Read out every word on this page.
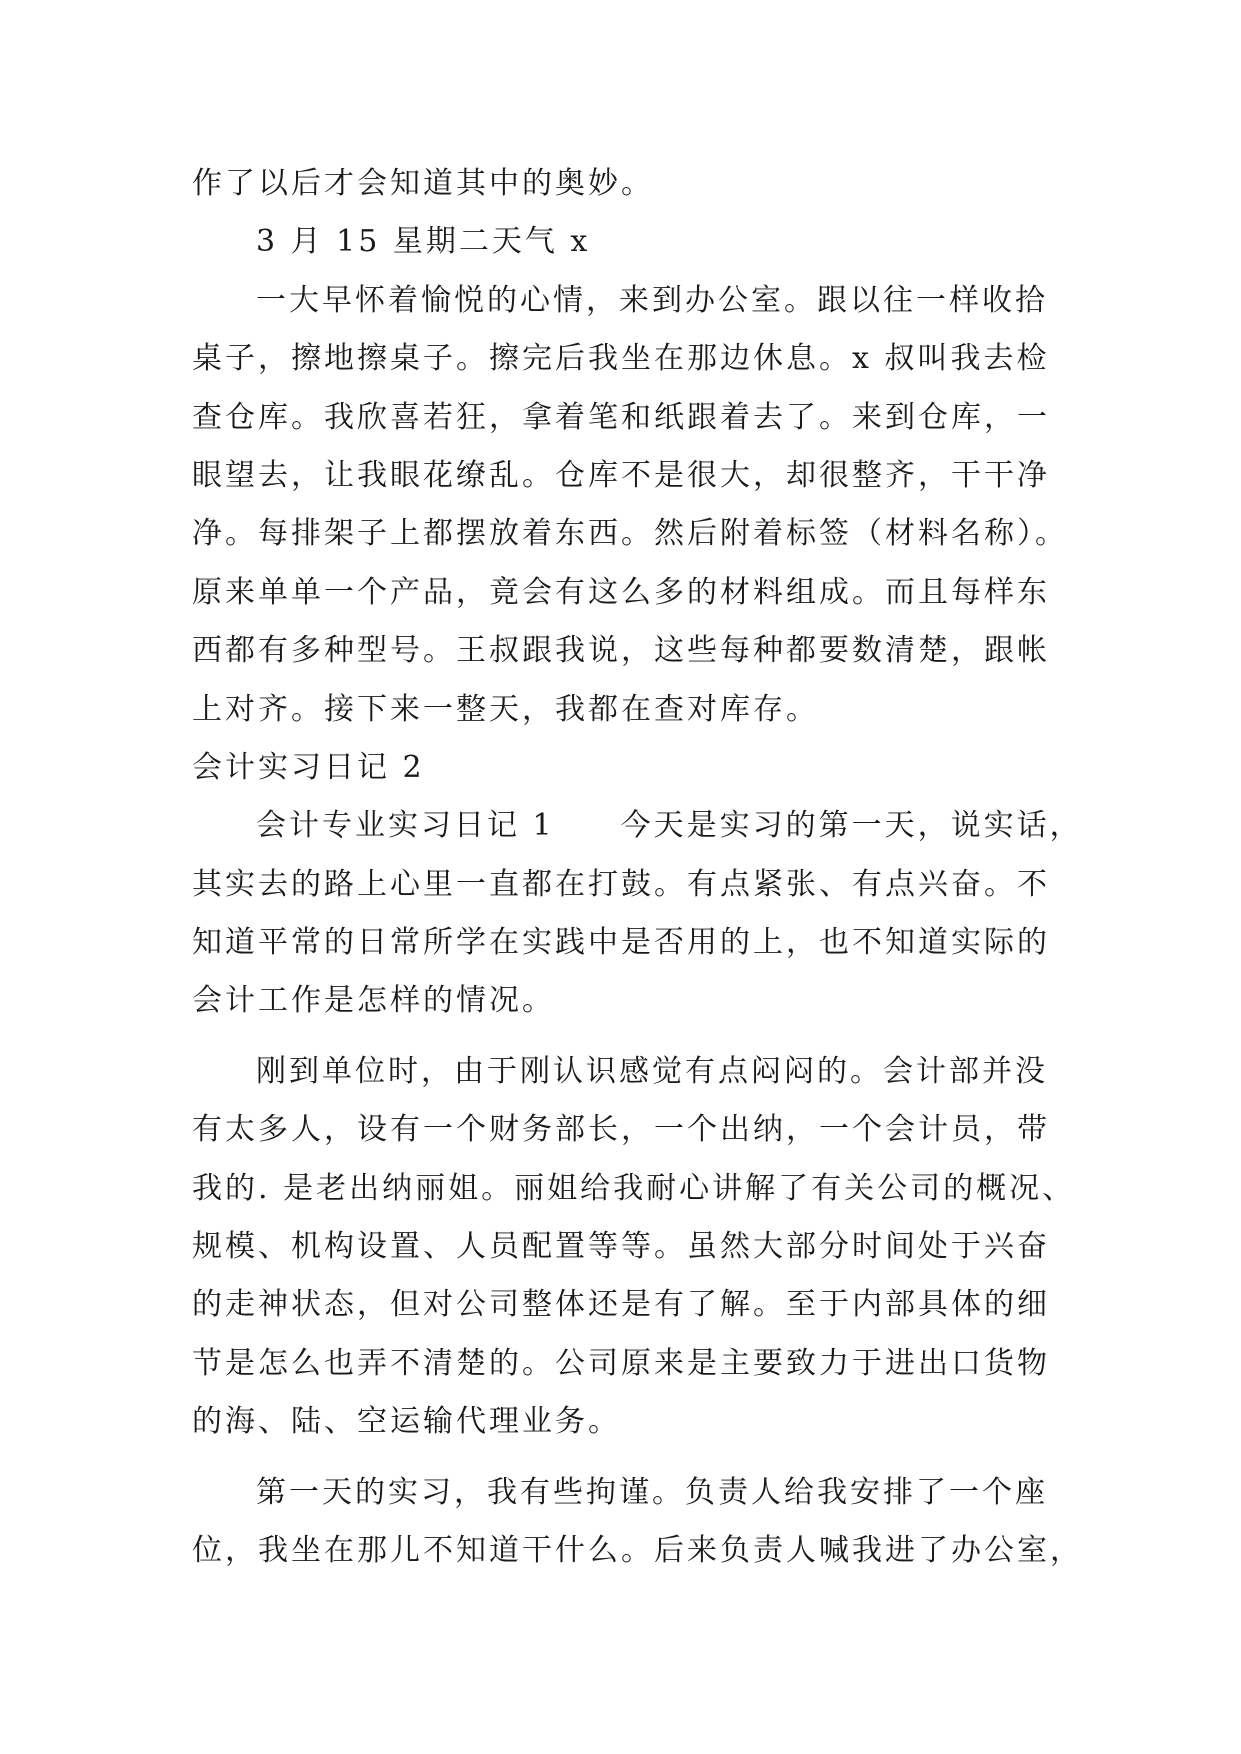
作了以后才会知道其中的奥妙。
3 月 15 星期二天气 x
一大早怀着愉悦的心情，来到办公室。跟以往一样收拾
桌子，擦地擦桌子。擦完后我坐在那边休息。x 叔叫我去检
查仓库。我欣喜若狂，拿着笔和纸跟着去了。来到仓库，一
眼望去，让我眼花缭乱。仓库不是很大，却很整齐，干干净
净。每排架子上都摆放着东西。然后附着标签（材料名称）。
原来单单一个产品，竟会有这么多的材料组成。而且每样东
西都有多种型号。王叔跟我说，这些每种都要数清楚，跟帐
上对齐。接下来一整天，我都在查对库存。
会计实习日记 2
会计专业实习日记 1　　今天是实习的第一天，说实话，
其实去的路上心里一直都在打鼓。有点紧张、有点兴奋。不
知道平常的日常所学在实践中是否用的上，也不知道实际的
会计工作是怎样的情况。
刚到单位时，由于刚认识感觉有点闷闷的。会计部并没
有太多人，设有一个财务部长，一个出纳，一个会计员，带
我的. 是老出纳丽姐。丽姐给我耐心讲解了有关公司的概况、
规模、机构设置、人员配置等等。虽然大部分时间处于兴奋
的走神状态，但对公司整体还是有了解。至于内部具体的细
节是怎么也弄不清楚的。公司原来是主要致力于进出口货物
的海、陆、空运输代理业务。
第一天的实习，我有些拘谨。负责人给我安排了一个座
位，我坐在那儿不知道干什么。后来负责人喊我进了办公室，
